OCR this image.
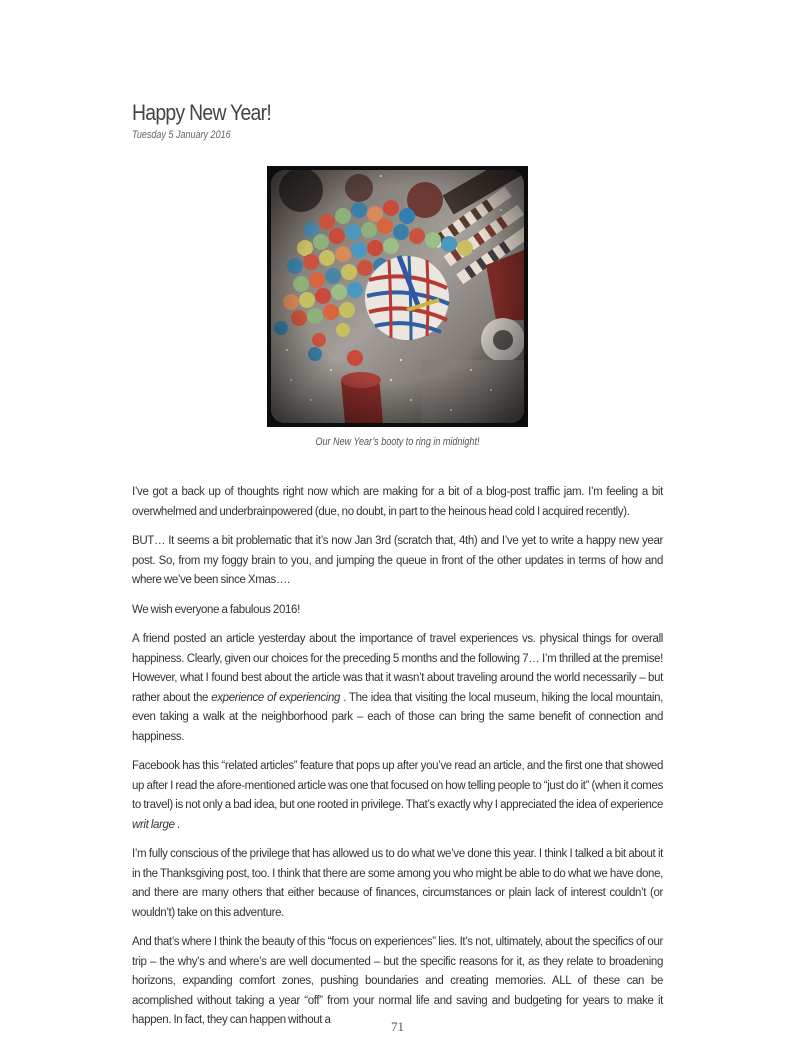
Happy New Year!
Tuesday 5 January 2016
Our New Year’s booty to ring in midnight!

I’ve got a back up of thoughts right now which are making for a bit of a blog-post traffic jam. I’m feeling a bit overwhelmed and underbrainpowered (due, no doubt, in part to the heinous head cold I acquired recently).

BUT… It seems a bit problematic that it’s now Jan 3rd (scratch that, 4th) and I’ve yet to write a happy new year post. So, from my foggy brain to you, and jumping the queue in front of the other updates in terms of how and where we’ve been since Xmas….

We wish everyone a fabulous 2016!

A friend posted an article yesterday about the importance of travel experiences vs. physical things for overall happiness. Clearly, given our choices for the preceding 5 months and the following 7… I’m thrilled at the premise! However, what I found best about the article was that it wasn’t about traveling around the world necessarily – but rather about the experience of experiencing . The idea that visiting the local museum, hiking the local mountain, even taking a walk at the neighborhood park – each of those can bring the same benefit of connection and happiness.

Facebook has this “related articles” feature that pops up after you’ve read an article, and the first one that showed up after I read the afore-mentioned article was one that focused on how telling people to “just do it” (when it comes to travel) is not only a bad idea, but one rooted in privilege. That’s exactly why I appreciated the idea of experience writ large .

I’m fully conscious of the privilege that has allowed us to do what we’ve done this year. I think I talked a bit about it in the Thanksgiving post, too. I think that there are some among you who might be able to do what we have done, and there are many others that either because of finances, circumstances or plain lack of interest couldn’t (or wouldn’t) take on this adventure.

And that’s where I think the beauty of this “focus on experiences” lies. It’s not, ultimately, about the specifics of our trip – the why’s and where’s are well documented – but the specific reasons for it, as they relate to broadening horizons, expanding comfort zones, pushing boundaries and creating memories. ALL of these can be acomplished without taking a year “off” from your normal life and saving and budgeting for years to make it happen. In fact, they can happen without a	71
